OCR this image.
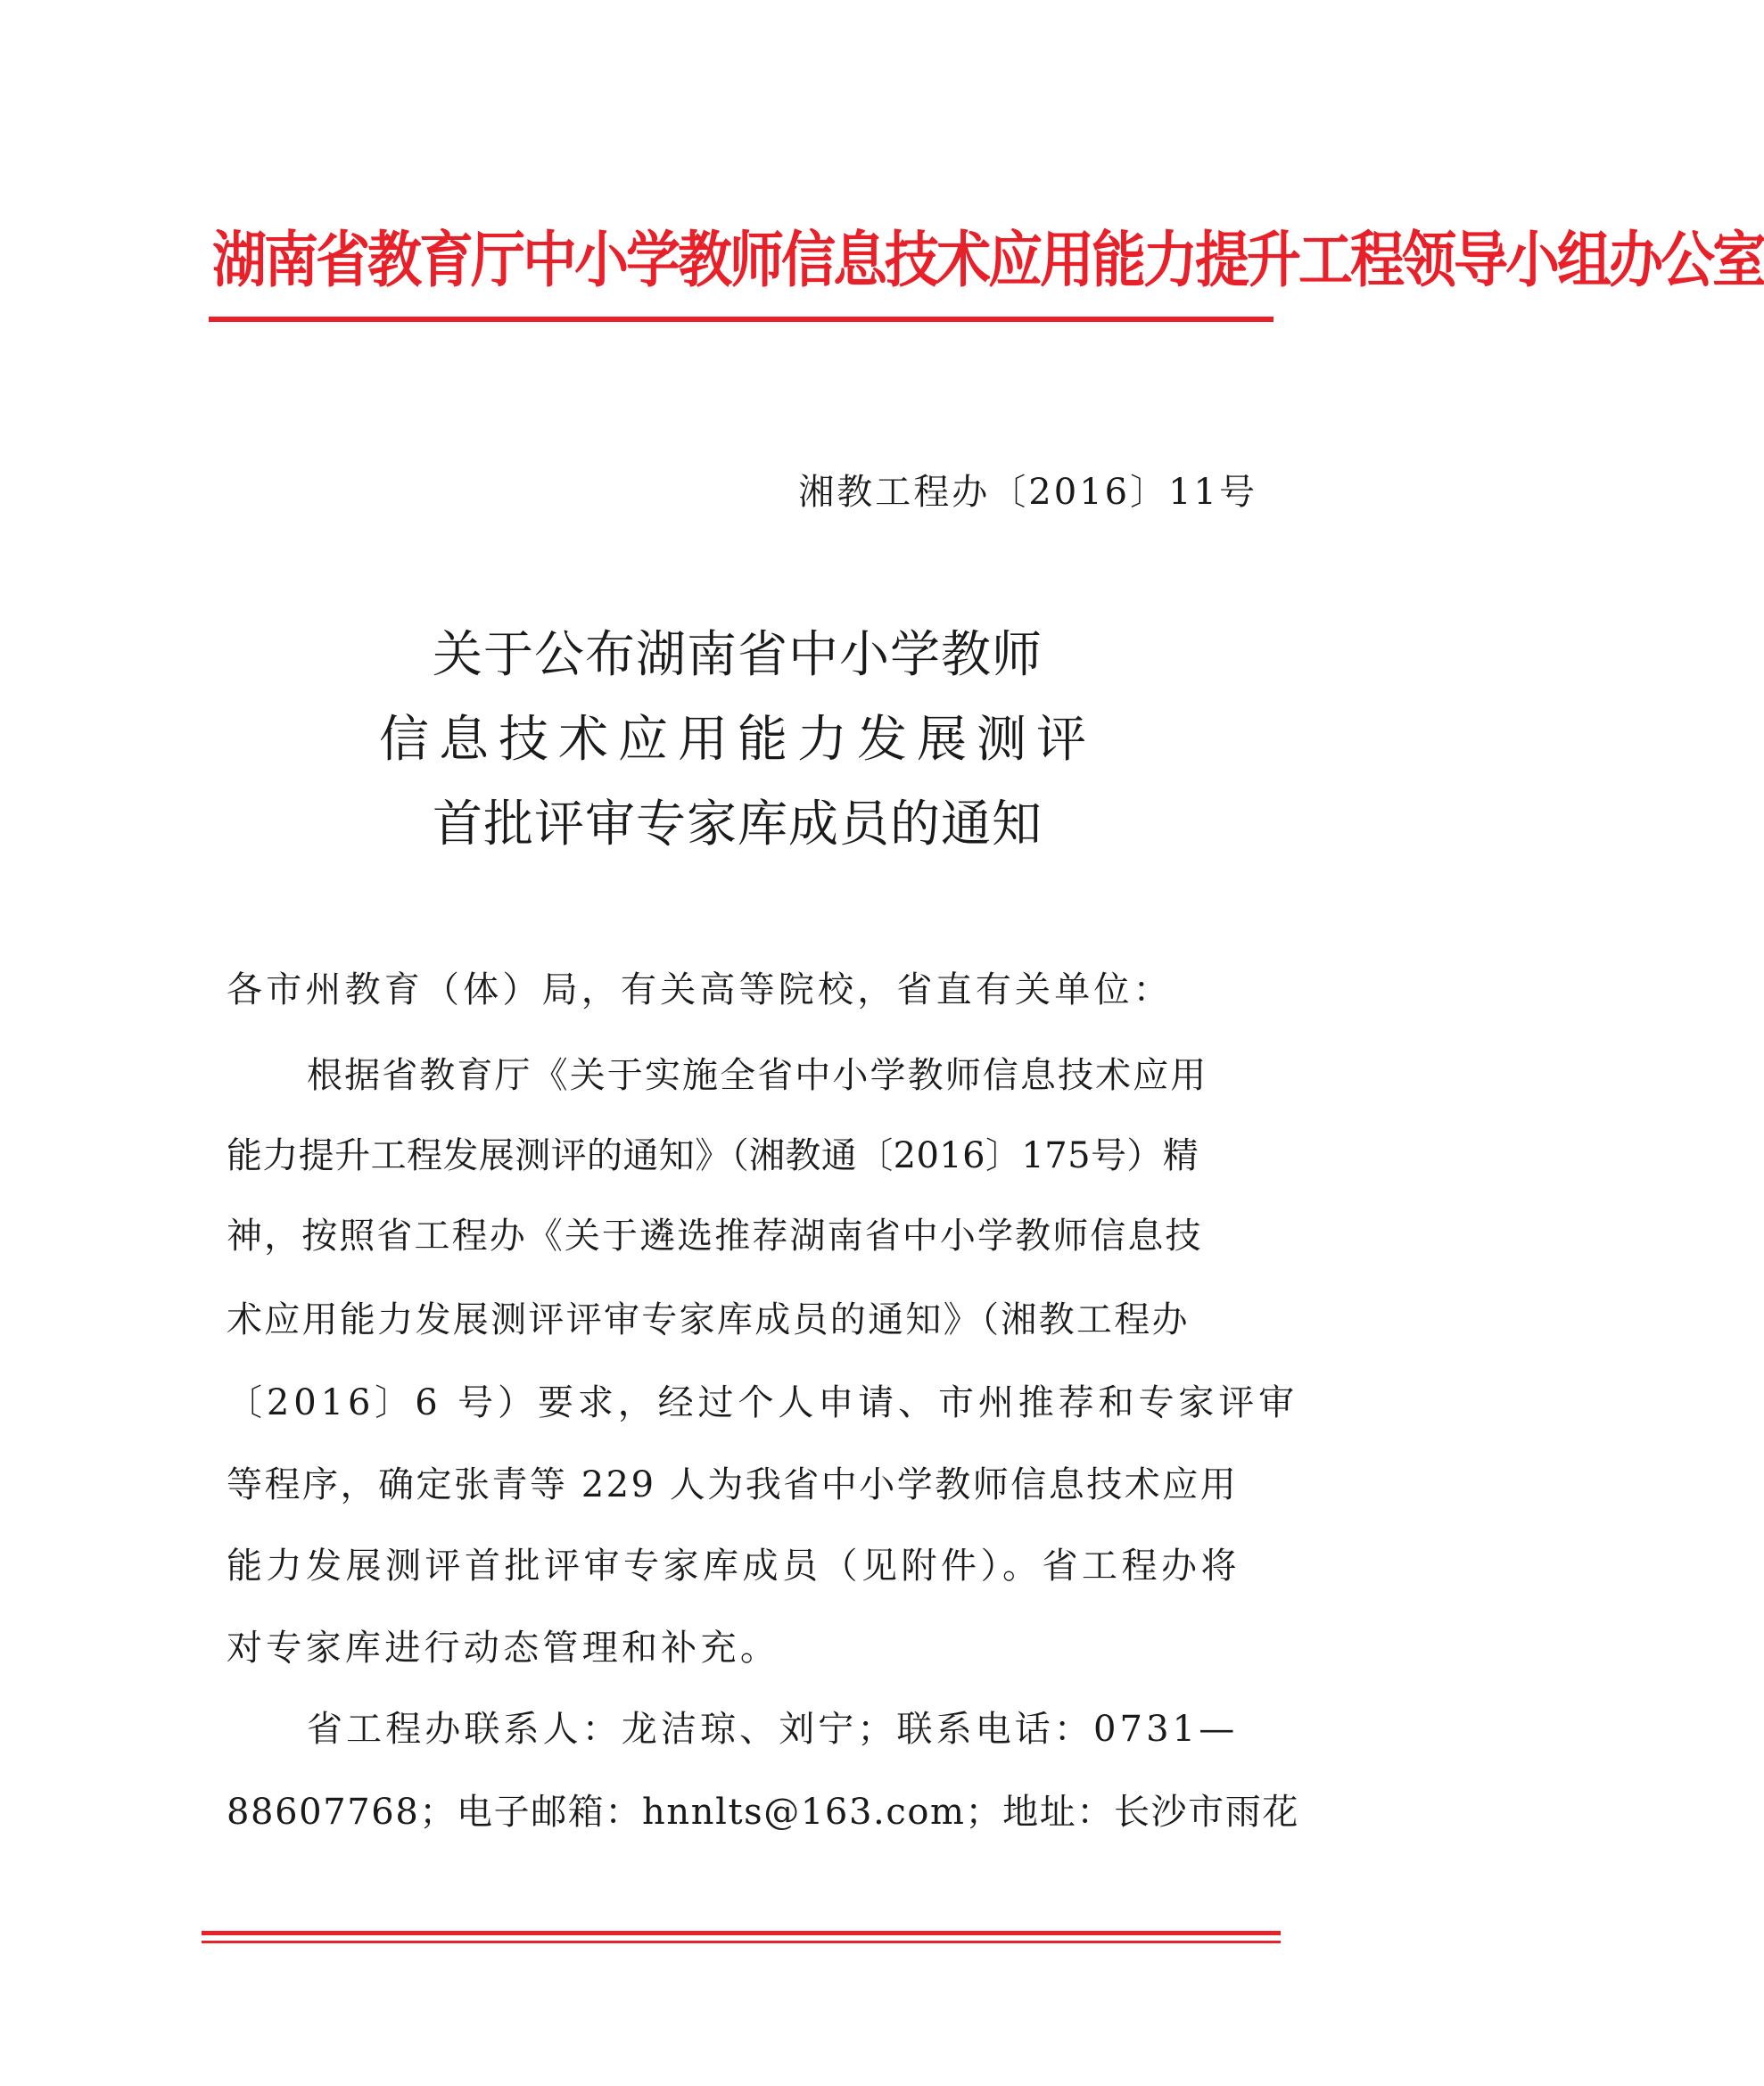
湖南省教育厅中小学教师信息技术应用能力提升工程领导小组办公室
湘教工程办〔2016〕11号
关于公布湖南省中小学教师
信息技术应用能力发展测评
首批评审专家库成员的通知
各市州教育（体）局，有关高等院校，省直有关单位：
根据省教育厅《关于实施全省中小学教师信息技术应用
能力提升工程发展测评的通知》（湘教通〔2016〕175号）精
神，按照省工程办《关于遴选推荐湖南省中小学教师信息技
术应用能力发展测评评审专家库成员的通知》（湘教工程办
〔2016〕6 号）要求，经过个人申请、市州推荐和专家评审
等程序，确定张青等 229 人为我省中小学教师信息技术应用
能力发展测评首批评审专家库成员（见附件）。省工程办将
对专家库进行动态管理和补充。
省工程办联系人：龙洁琼、刘宁；联系电话：0731—
88607768；电子邮箱：hnnlts@163.com；地址：长沙市雨花
